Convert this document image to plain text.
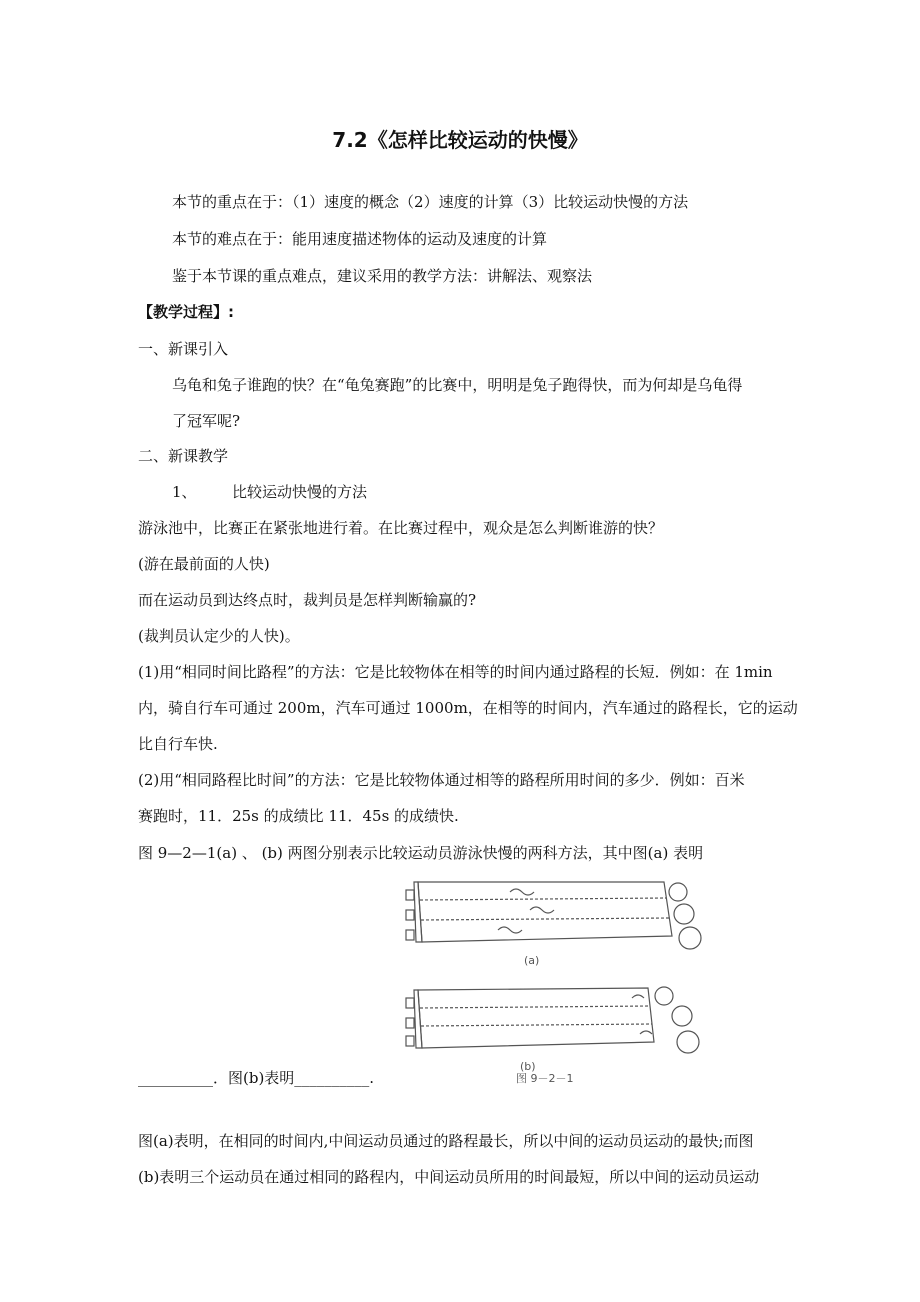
7.2《怎样比较运动的快慢》
本节的重点在于：（1）速度的概念（2）速度的计算（3）比较运动快慢的方法
本节的难点在于：能用速度描述物体的运动及速度的计算
鉴于本节课的重点难点，建议采用的教学方法：讲解法、观察法
【教学过程】:
一、新课引入
乌龟和兔子谁跑的快？在“龟兔赛跑”的比赛中，明明是兔子跑得快，而为何却是乌龟得
了冠军呢?
二、新课教学
1、 比较运动快慢的方法
游泳池中，比赛正在紧张地进行着。在比赛过程中，观众是怎么判断谁游的快？
(游在最前面的人快)
而在运动员到达终点时，裁判员是怎样判断输赢的?
(裁判员认定少的人快)。
(1)用“相同时间比路程”的方法：它是比较物体在相等的时间内通过路程的长短．例如：在 1min
内，骑自行车可通过 200m，汽车可通过 1000m，在相等的时间内，汽车通过的路程长，它的运动
比自行车快.
(2)用“相同路程比时间”的方法：它是比较物体通过相等的路程所用时间的多少．例如：百米
赛跑时，11．25s 的成绩比 11．45s 的成绩快.
图 9—2—1(a) 、 (b) 两图分别表示比较运动员游泳快慢的两科方法，其中图(a) 表明
(a)
(b)
__________．图(b)表明__________.	图 9－2－1
图(a)表明，在相同的时间内,中间运动员通过的路程最长，所以中间的运动员运动的最快;而图
(b)表明三个运动员在通过相同的路程内，中间运动员所用的时间最短，所以中间的运动员运动
